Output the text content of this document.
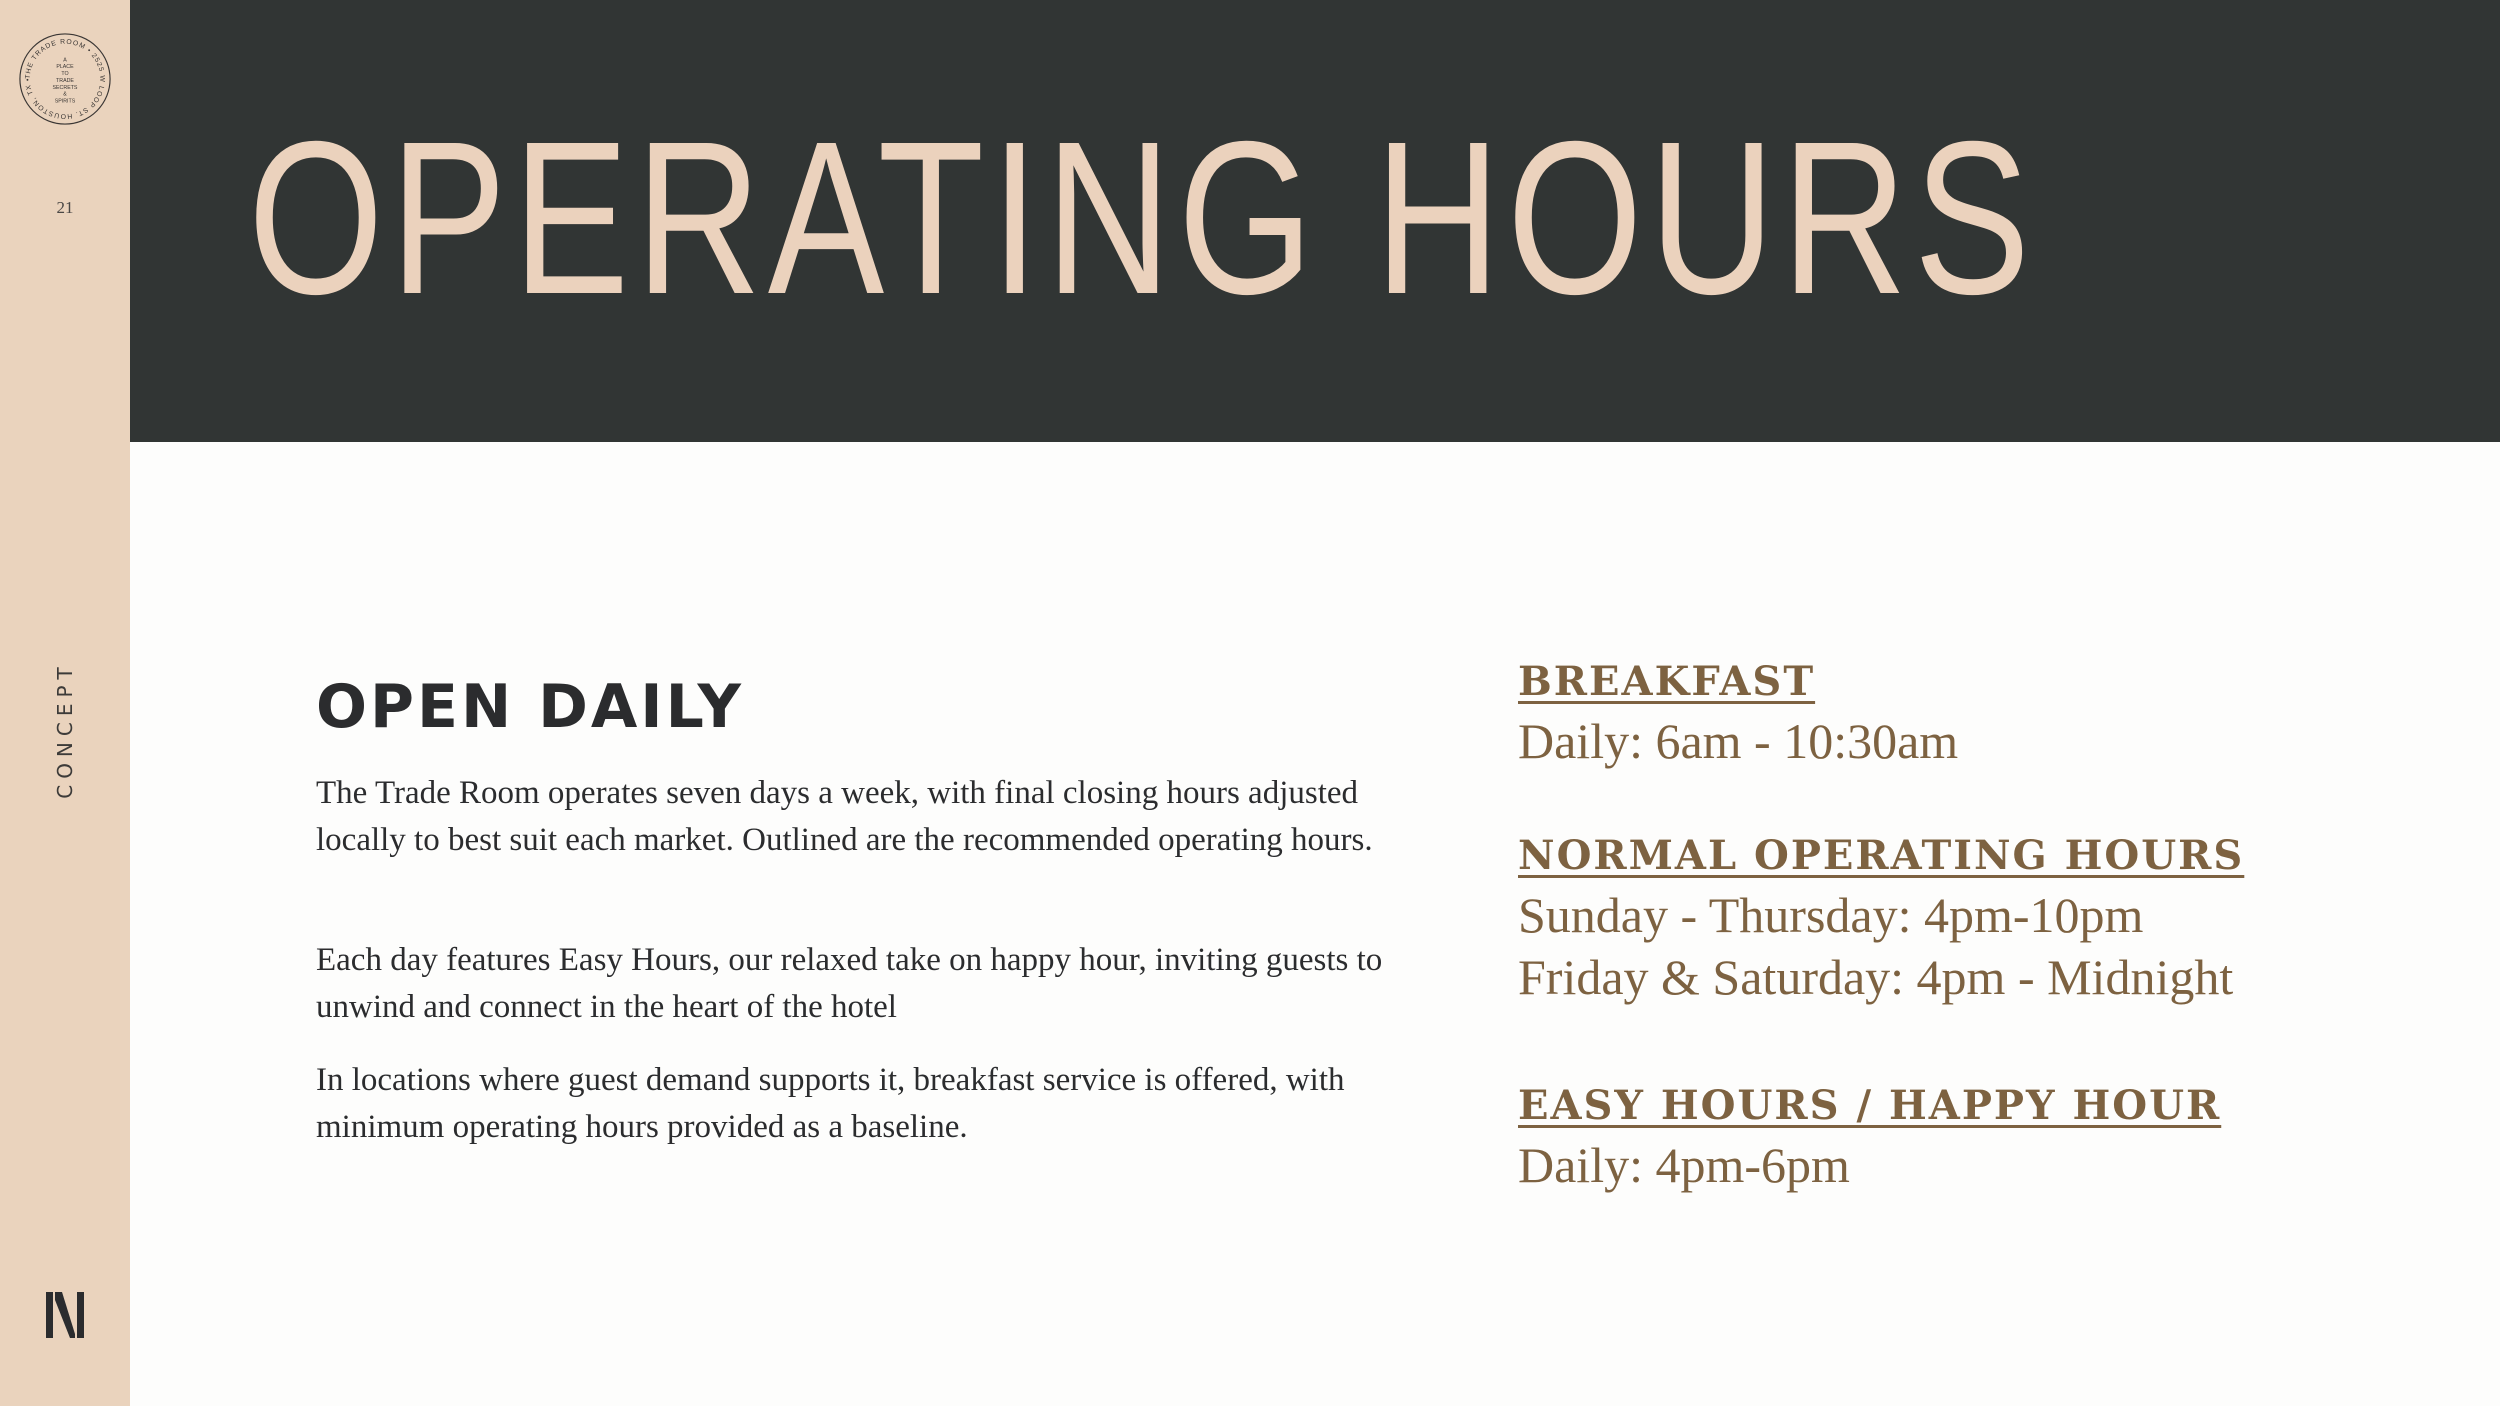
THE TRADE ROOM • 2525 W LOOP ST. HOUSTON, TX •
A
PLACE
TO
TRADE
SECRETS
&
SPIRITS
21
CONCEPT
OPERATING HOURS
OPEN DAILY

The Trade Room operates seven days a week, with final closing hours adjusted locally to best suit each market. Outlined are the recommended operating hours.

Each day features Easy Hours, our relaxed take on happy hour, inviting guests to unwind and connect in the heart of the hotel

In locations where guest demand supports it, breakfast service is offered, with minimum operating hours provided as a baseline.

BREAKFAST

Daily: 6am - 10:30am

NORMAL OPERATING HOURS

Sunday - Thursday: 4pm-10pm

Friday & Saturday: 4pm - Midnight

EASY HOURS / HAPPY HOUR

Daily: 4pm-6pm
